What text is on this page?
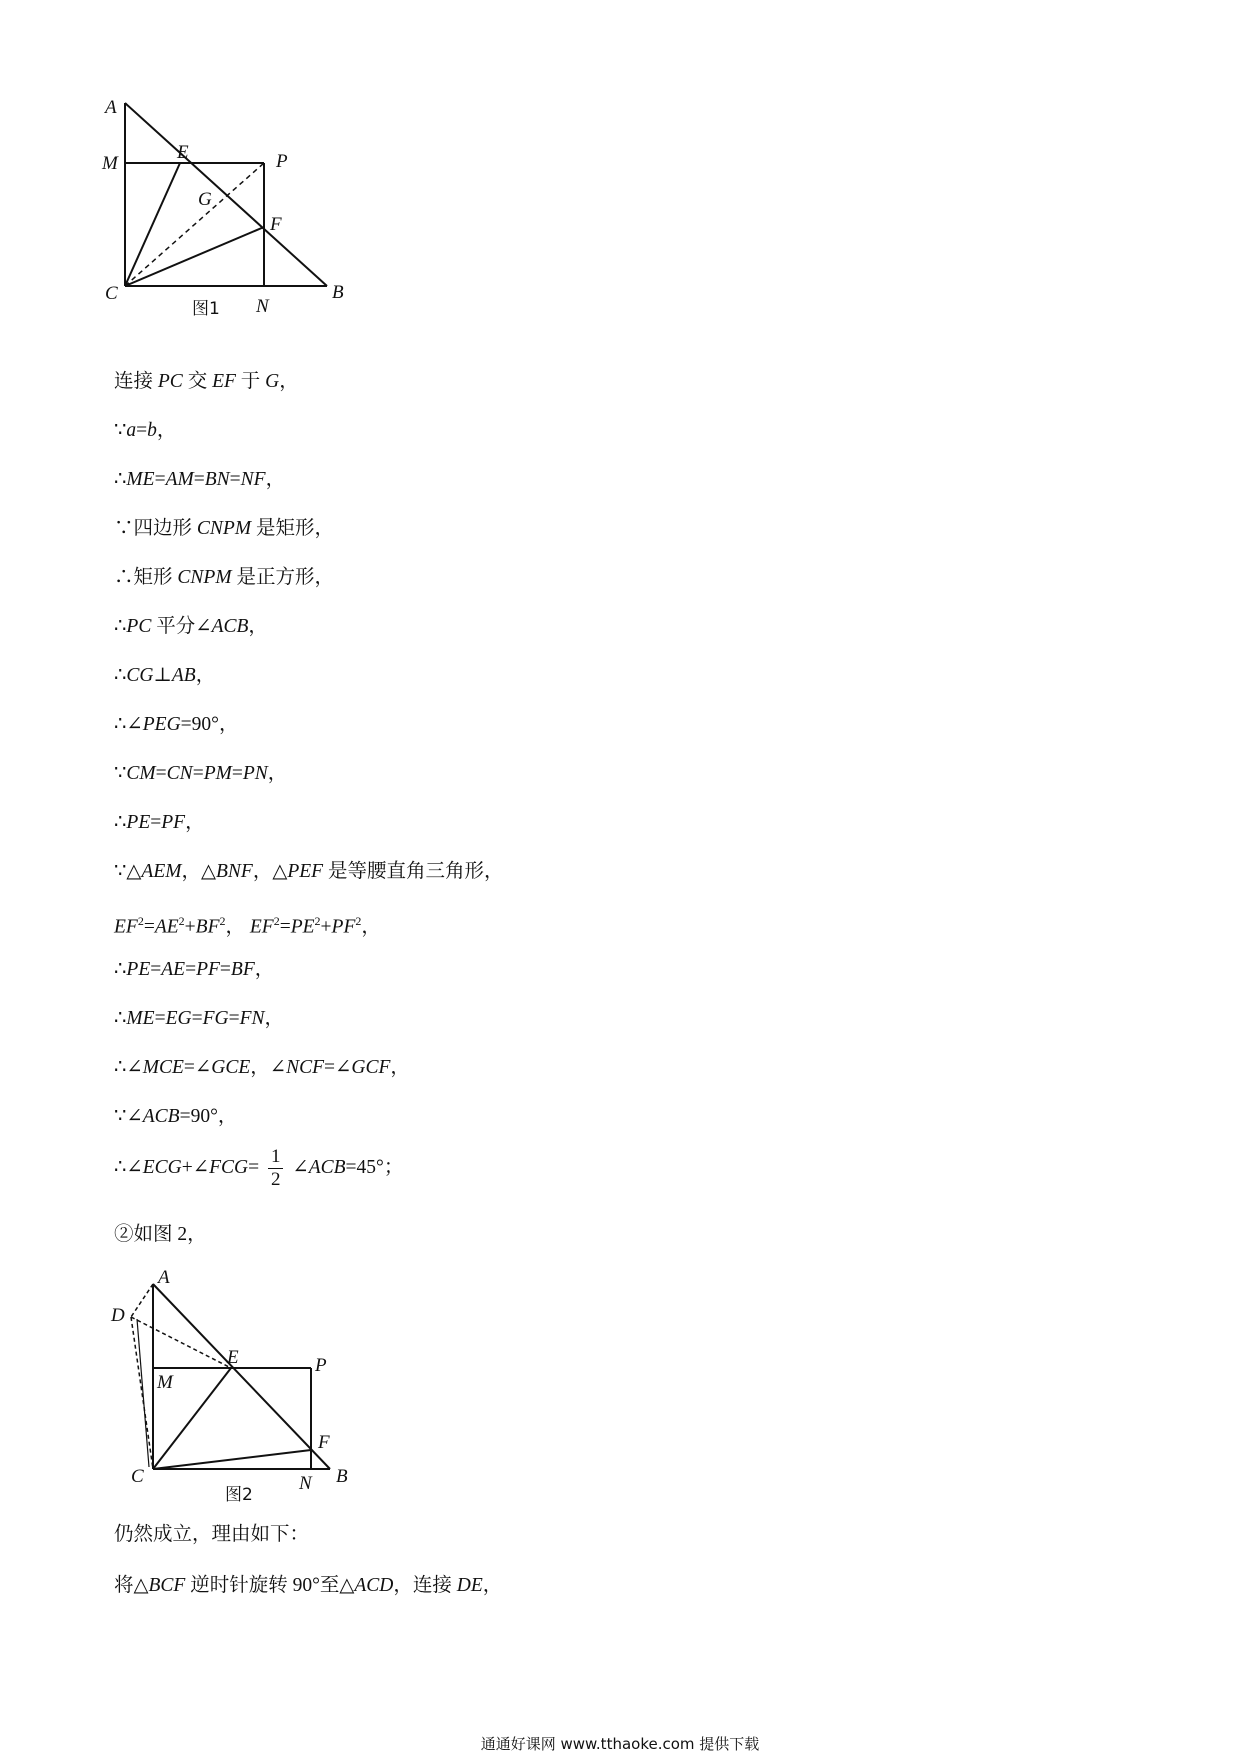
A
M
E	P
G
F
C
N
B
图1
连接 PC 交 EF 于 G，
∵a=b，
∴ME=AM=BN=NF，
∵四边形 CNPM 是矩形，
∴矩形 CNPM 是正方形，
∴PC 平分∠ACB，
∴CG⊥AB，
∴∠PEG=90°，
∵CM=CN=PM=PN，
∴PE=PF，
∵△AEM，△BNF，△PEF 是等腰直角三角形，
$EF^2=AE^2+BF^2$， $EF^2=PE^2+PF^2$，
∴PE=AE=PF=BF，
∴ME=EG=FG=FN，
∴∠MCE=∠GCE，∠NCF=∠GCF，
∵∠ACB=90°，
∴∠ECG+∠FCG= $\frac{1}{2}$ ∠ACB=45°；
②如图 2，
A
D
E	P
M
F
C	N B
图2
仍然成立，理由如下：
将△BCF 逆时针旋转 90°至△ACD，连接 DE，
通通好课网 www.tthaoke.com 提供下载
